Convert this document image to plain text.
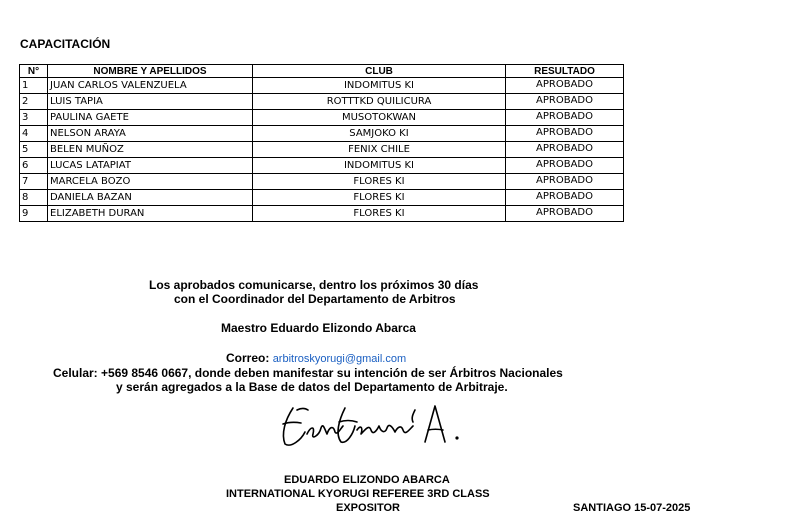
CAPACITACIÓN
N°	NOMBRE Y APELLIDOS	CLUB	RESULTADO
1	JUAN CARLOS VALENZUELA	INDOMITUS KI	APROBADO
2	LUIS TAPIA	ROTTTKD QUILICURA	APROBADO
3	PAULINA GAETE	MUSOTOKWAN	APROBADO
4	NELSON ARAYA	SAMJOKO KI	APROBADO
5	BELEN MUÑOZ	FENIX CHILE	APROBADO
6	LUCAS LATAPIAT	INDOMITUS KI	APROBADO
7	MARCELA BOZO	FLORES KI	APROBADO
8	DANIELA BAZAN	FLORES KI	APROBADO
9	ELIZABETH DURAN	FLORES KI	APROBADO
Los aprobados comunicarse, dentro los próximos 30 días
con el Coordinador del Departamento de Arbitros
Maestro Eduardo Elizondo Abarca
Correo: arbitroskyorugi@gmail.com
Celular: +569 8546 0667, donde deben manifestar su intención de ser Árbitros Nacionales
y serán agregados a la Base de datos del Departamento de Arbitraje.
EDUARDO ELIZONDO ABARCA
INTERNATIONAL KYORUGI REFEREE 3RD CLASS
EXPOSITOR	SANTIAGO 15-07-2025
